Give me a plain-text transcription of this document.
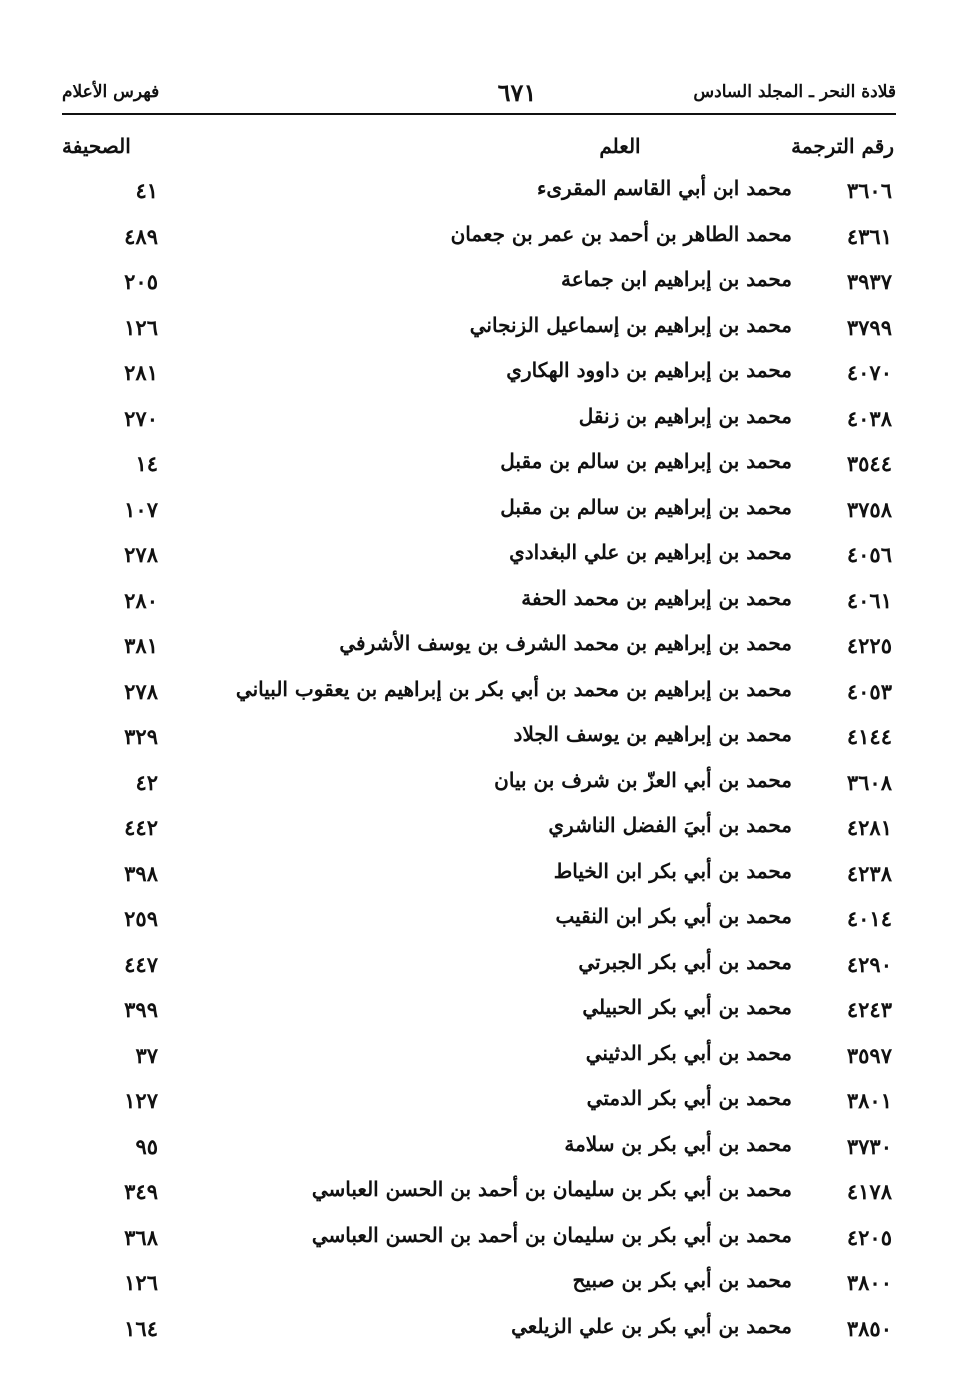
قلادة النحر ـ المجلد السادس
٦٧١
فهرس الأعلام
رقم الترجمة
العلم
الصحيفة
٣٦٠٦
محمد ابن أبي القاسم المقرىء
٤١
٤٣٦١
محمد الطاهر بن أحمد بن عمر بن جعمان
٤٨٩
٣٩٣٧
محمد بن إبراهيم ابن جماعة
٢٠٥
٣٧٩٩
محمد بن إبراهيم بن إسماعيل الزنجاني
١٢٦
٤٠٧٠
محمد بن إبراهيم بن داوود الهكاري
٢٨١
٤٠٣٨
محمد بن إبراهيم بن زنقل
٢٧٠
٣٥٤٤
محمد بن إبراهيم بن سالم بن مقبل
١٤
٣٧٥٨
محمد بن إبراهيم بن سالم بن مقبل
١٠٧
٤٠٥٦
محمد بن إبراهيم بن علي البغدادي
٢٧٨
٤٠٦١
محمد بن إبراهيم بن محمد الحفة
٢٨٠
٤٢٢٥
محمد بن إبراهيم بن محمد الشرف بن يوسف الأشرفي
٣٨١
٤٠٥٣
محمد بن إبراهيم بن محمد بن أبي بكر بن إبراهيم بن يعقوب البياني
٢٧٨
٤١٤٤
محمد بن إبراهيم بن يوسف الجلاد
٣٢٩
٣٦٠٨
محمد بن أبي العزّ بن شرف بن بيان
٤٢
٤٢٨١
محمد بن أبيَ الفضل الناشري
٤٤٢
٤٢٣٨
محمد بن أبي بكر ابن الخياط
٣٩٨
٤٠١٤
محمد بن أبي بكر ابن النقيب
٢٥٩
٤٢٩٠
محمد بن أبي بكر الجبرتي
٤٤٧
٤٢٤٣
محمد بن أبي بكر الحبيلي
٣٩٩
٣٥٩٧
محمد بن أبي بكر الدثيني
٣٧
٣٨٠١
محمد بن أبي بكر الدمتي
١٢٧
٣٧٣٠
محمد بن أبي بكر بن سلامة
٩٥
٤١٧٨
محمد بن أبي بكر بن سليمان بن أحمد بن الحسن العباسي
٣٤٩
٤٢٠٥
محمد بن أبي بكر بن سليمان بن أحمد بن الحسن العباسي
٣٦٨
٣٨٠٠
محمد بن أبي بكر بن صبيح
١٢٦
٣٨٥٠
محمد بن أبي بكر بن علي الزيلعي
١٦٤
